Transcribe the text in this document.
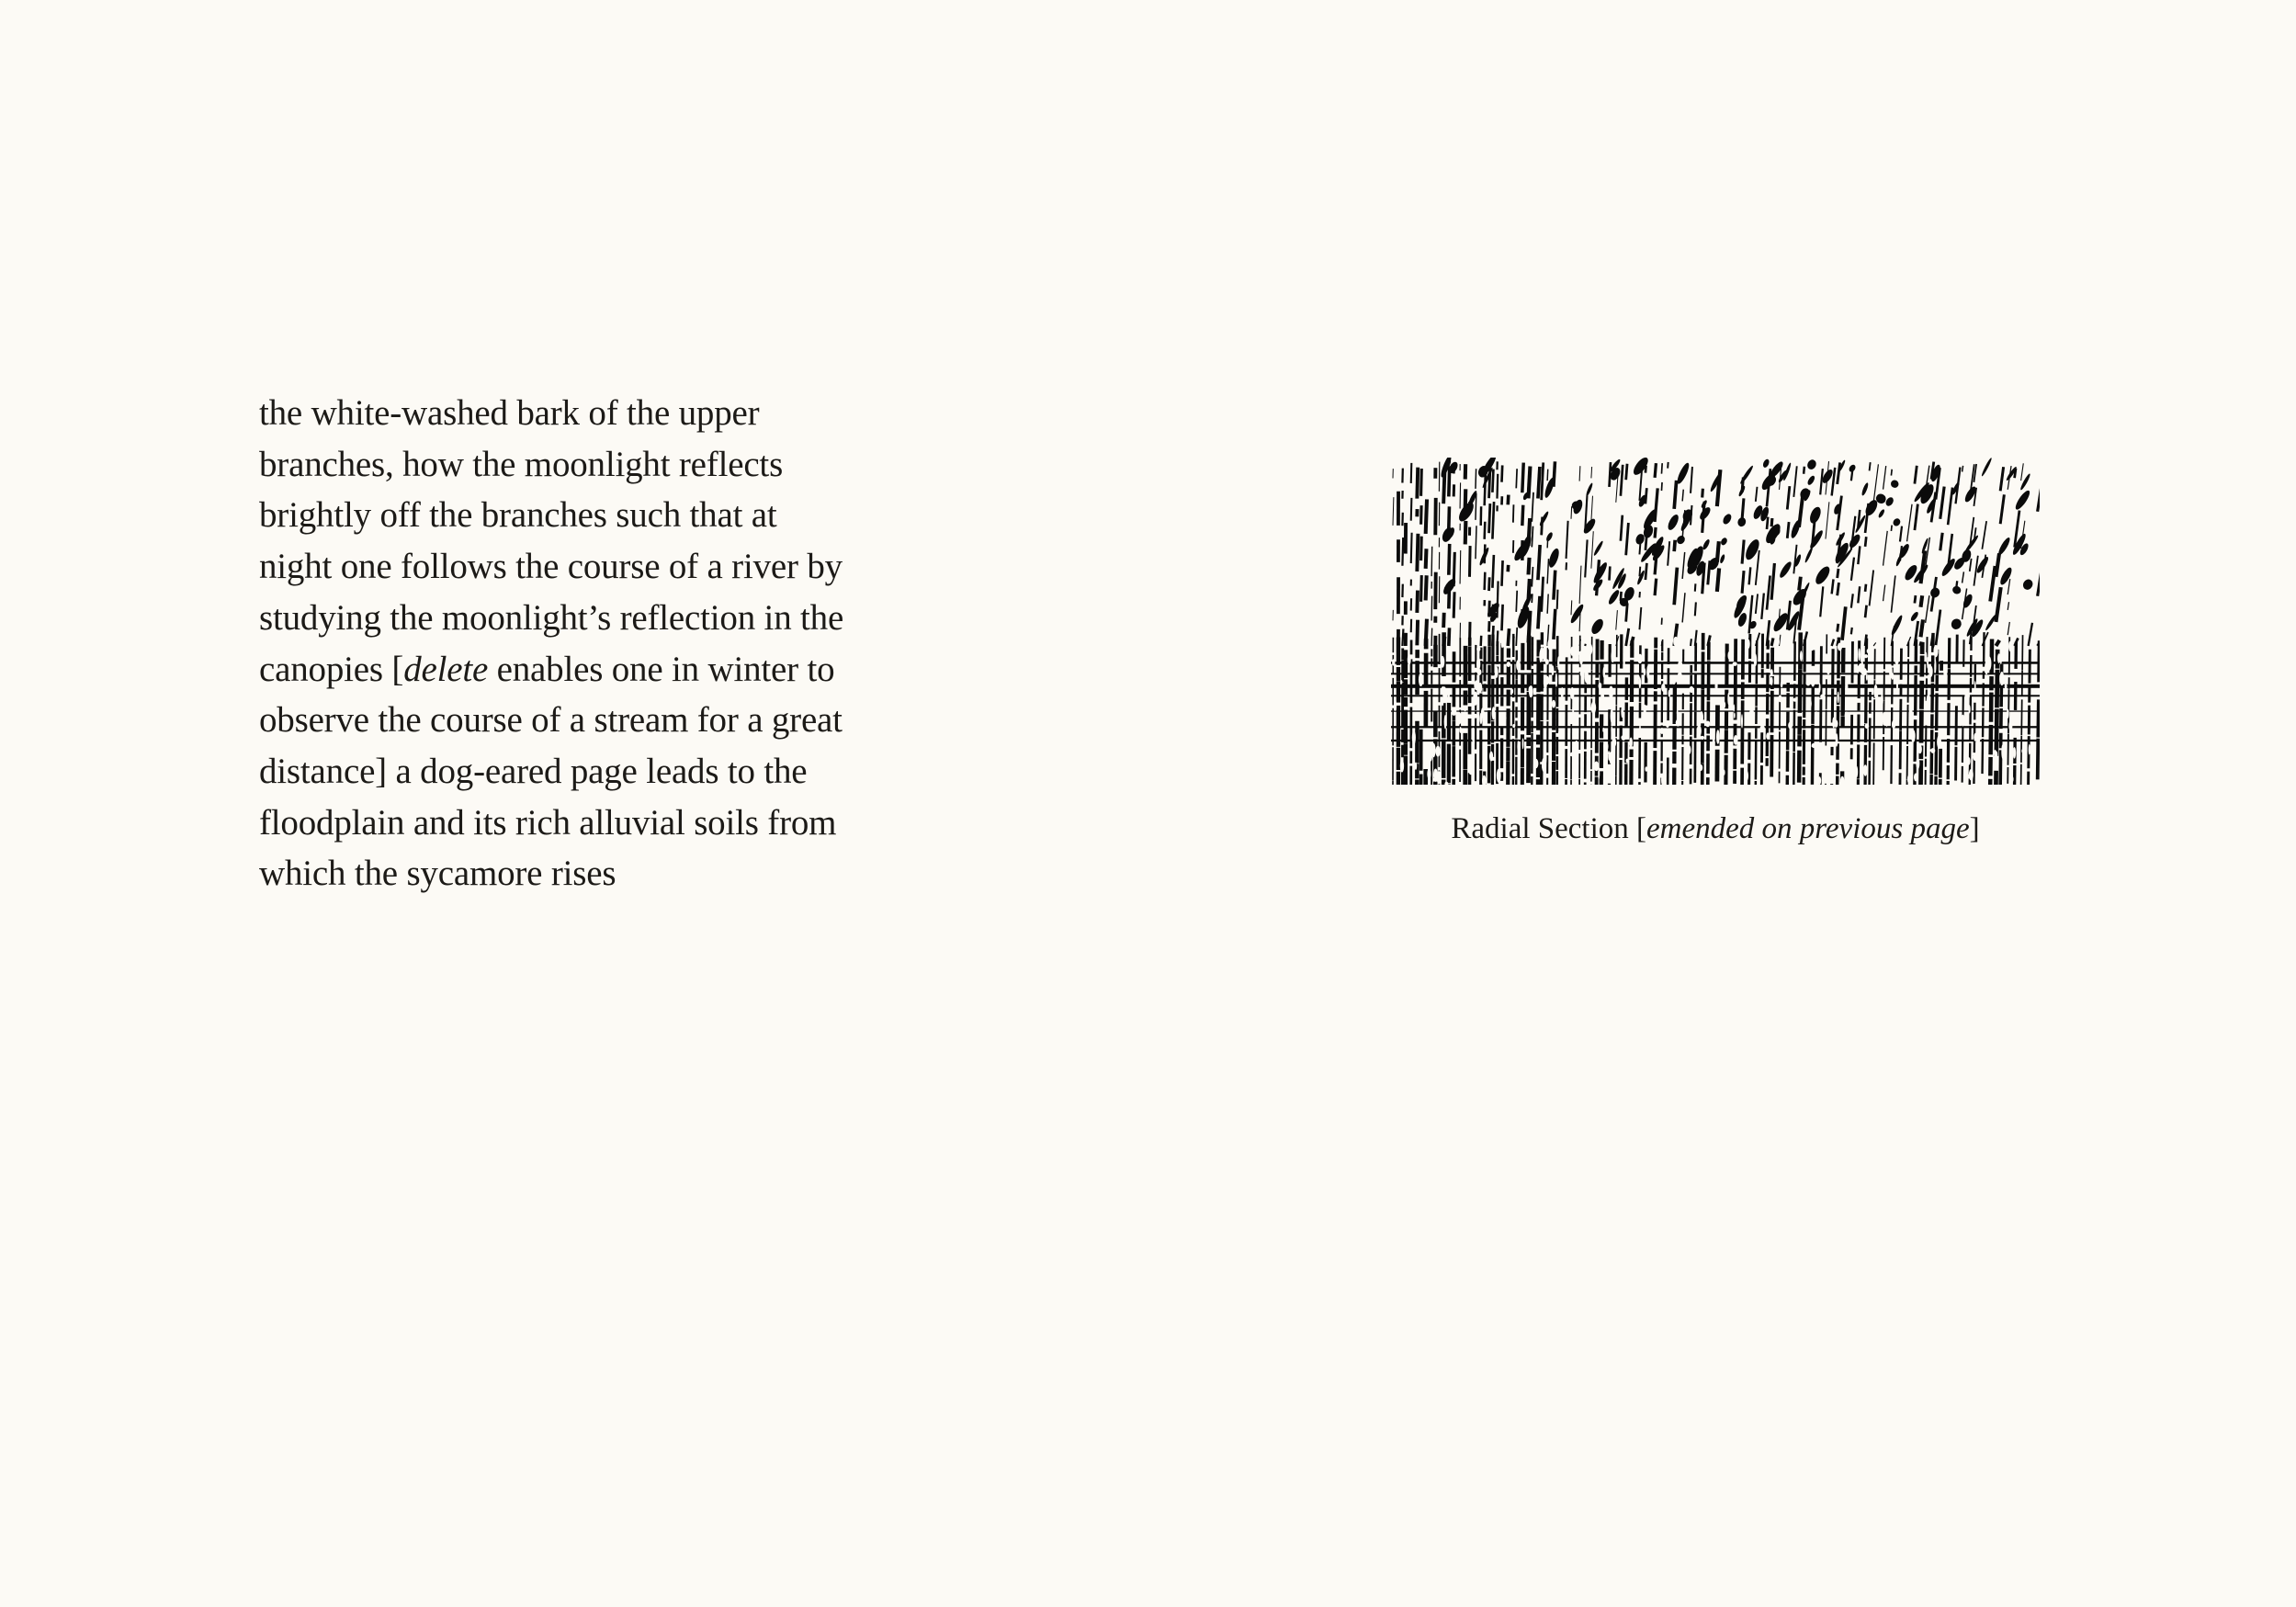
the white-washed bark of the upper
branches, how the moonlight reflects
brightly off the branches such that at
night one follows the course of a river by
studying the moonlight’s reflection in the
canopies [delete enables one in winter to
observe the course of a stream for a great
distance] a dog-eared page leads to the
floodplain and its rich alluvial soils from
which the sycamore rises
Radial Section [emended on previous page]
